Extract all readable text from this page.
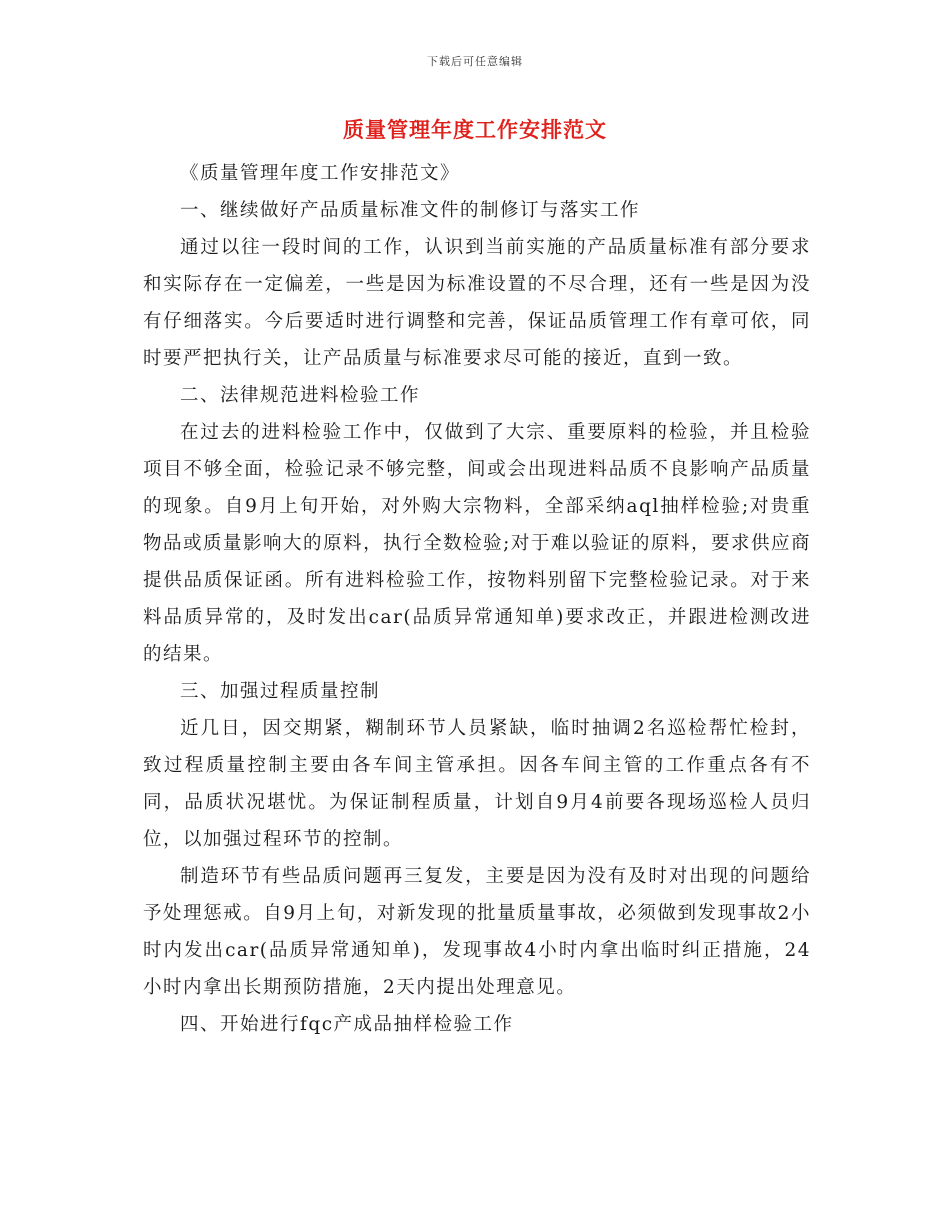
下载后可任意编辑
质量管理年度工作安排范文

《质量管理年度工作安排范文》

一、继续做好产品质量标准文件的制修订与落实工作

通过以往一段时间的工作，认识到当前实施的产品质量标准有部分要求和实际存在一定偏差，一些是因为标准设置的不尽合理，还有一些是因为没有仔细落实。今后要适时进行调整和完善，保证品质管理工作有章可依，同时要严把执行关，让产品质量与标准要求尽可能的接近，直到一致。

二、法律规范进料检验工作

在过去的进料检验工作中，仅做到了大宗、重要原料的检验，并且检验项目不够全面，检验记录不够完整，间或会出现进料品质不良影响产品质量的现象。自9月上旬开始，对外购大宗物料，全部采纳aql抽样检验;对贵重物品或质量影响大的原料，执行全数检验;对于难以验证的原料，要求供应商提供品质保证函。所有进料检验工作，按物料别留下完整检验记录。对于来料品质异常的，及时发出car(品质异常通知单)要求改正，并跟进检测改进的结果。

三、加强过程质量控制

近几日，因交期紧，糊制环节人员紧缺，临时抽调2名巡检帮忙检封，致过程质量控制主要由各车间主管承担。因各车间主管的工作重点各有不同，品质状况堪忧。为保证制程质量，计划自9月4前要各现场巡检人员归位，以加强过程环节的控制。

制造环节有些品质问题再三复发，主要是因为没有及时对出现的问题给予处理惩戒。自9月上旬，对新发现的批量质量事故，必须做到发现事故2小时内发出car(品质异常通知单)，发现事故4小时内拿出临时纠正措施，24小时内拿出长期预防措施，2天内提出处理意见。

四、开始进行fqc产成品抽样检验工作
